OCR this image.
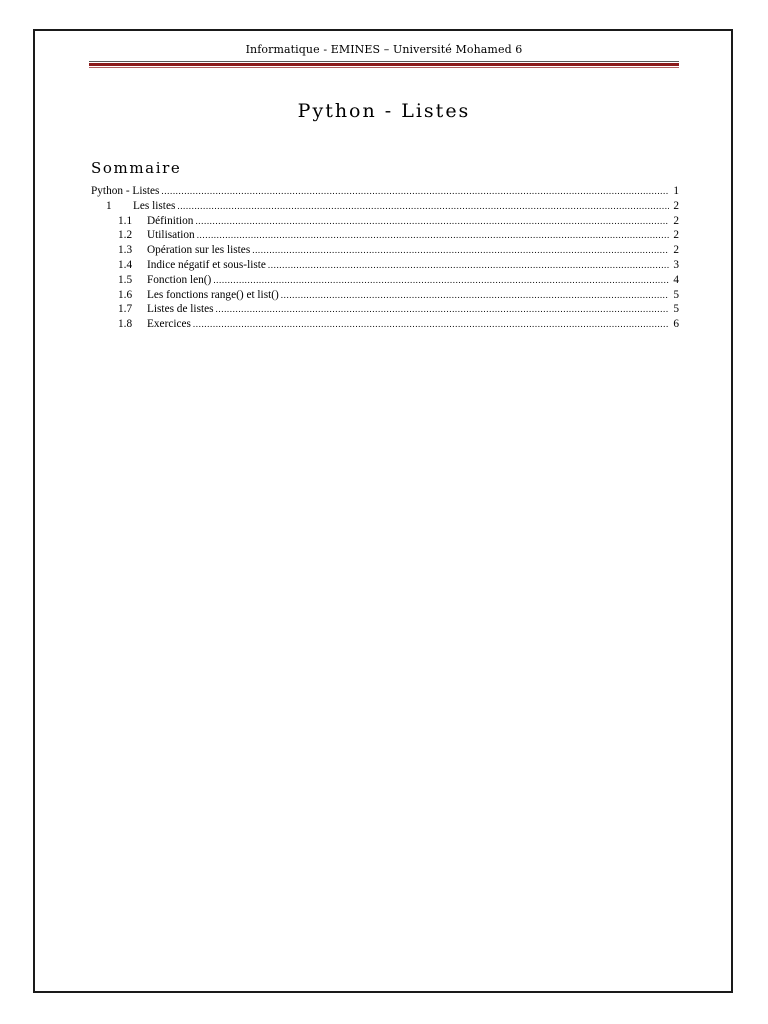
Informatique - EMINES – Université Mohamed 6
Python - Listes
Sommaire
Python - Listes .....	1
1	Les listes .....	2
1.1	Définition .....	2
1.2	Utilisation .....	2
1.3	Opération sur les listes .....	2
1.4	Indice négatif et sous-liste .....	3
1.5	Fonction len() .....	4
1.6	Les fonctions range() et list() .....	5
1.7	Listes de listes .....	5
1.8	Exercices .....	6
